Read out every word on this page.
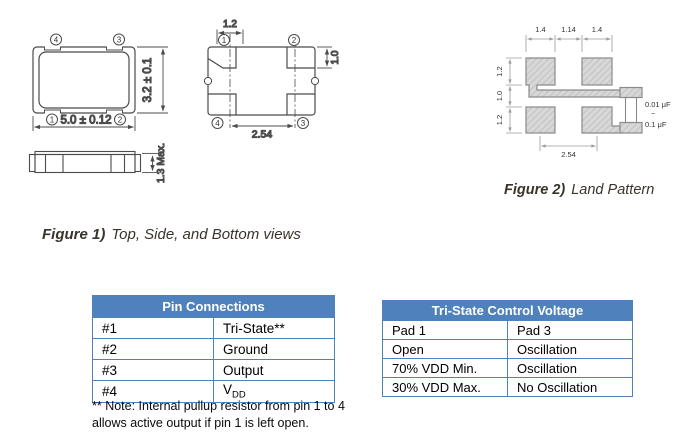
4	3
1	2
5.0 ± 0.12
3.2 ± 0.1
1.3 Max.
1	2
4	3
1.2
1.0
2.54
1.4 1.14 1.4
1.2
1.0
1.2
2.54
0.01 μF
~
0.1 μF
Figure 1) Top, Side, and Bottom views
Figure 2) Land Pattern
Pin Connections	
#1	Tri-State**
#2	Ground
#3	Output
#4	$V_{DD}$
** Note: Internal pullup resistor from pin 1 to 4
allows active output if pin 1 is left open.
Tri-State Control Voltage	
Pad 1	Pad 3
Open	Oscillation
70% VDD Min.	Oscillation
30% VDD Max.	No Oscillation
